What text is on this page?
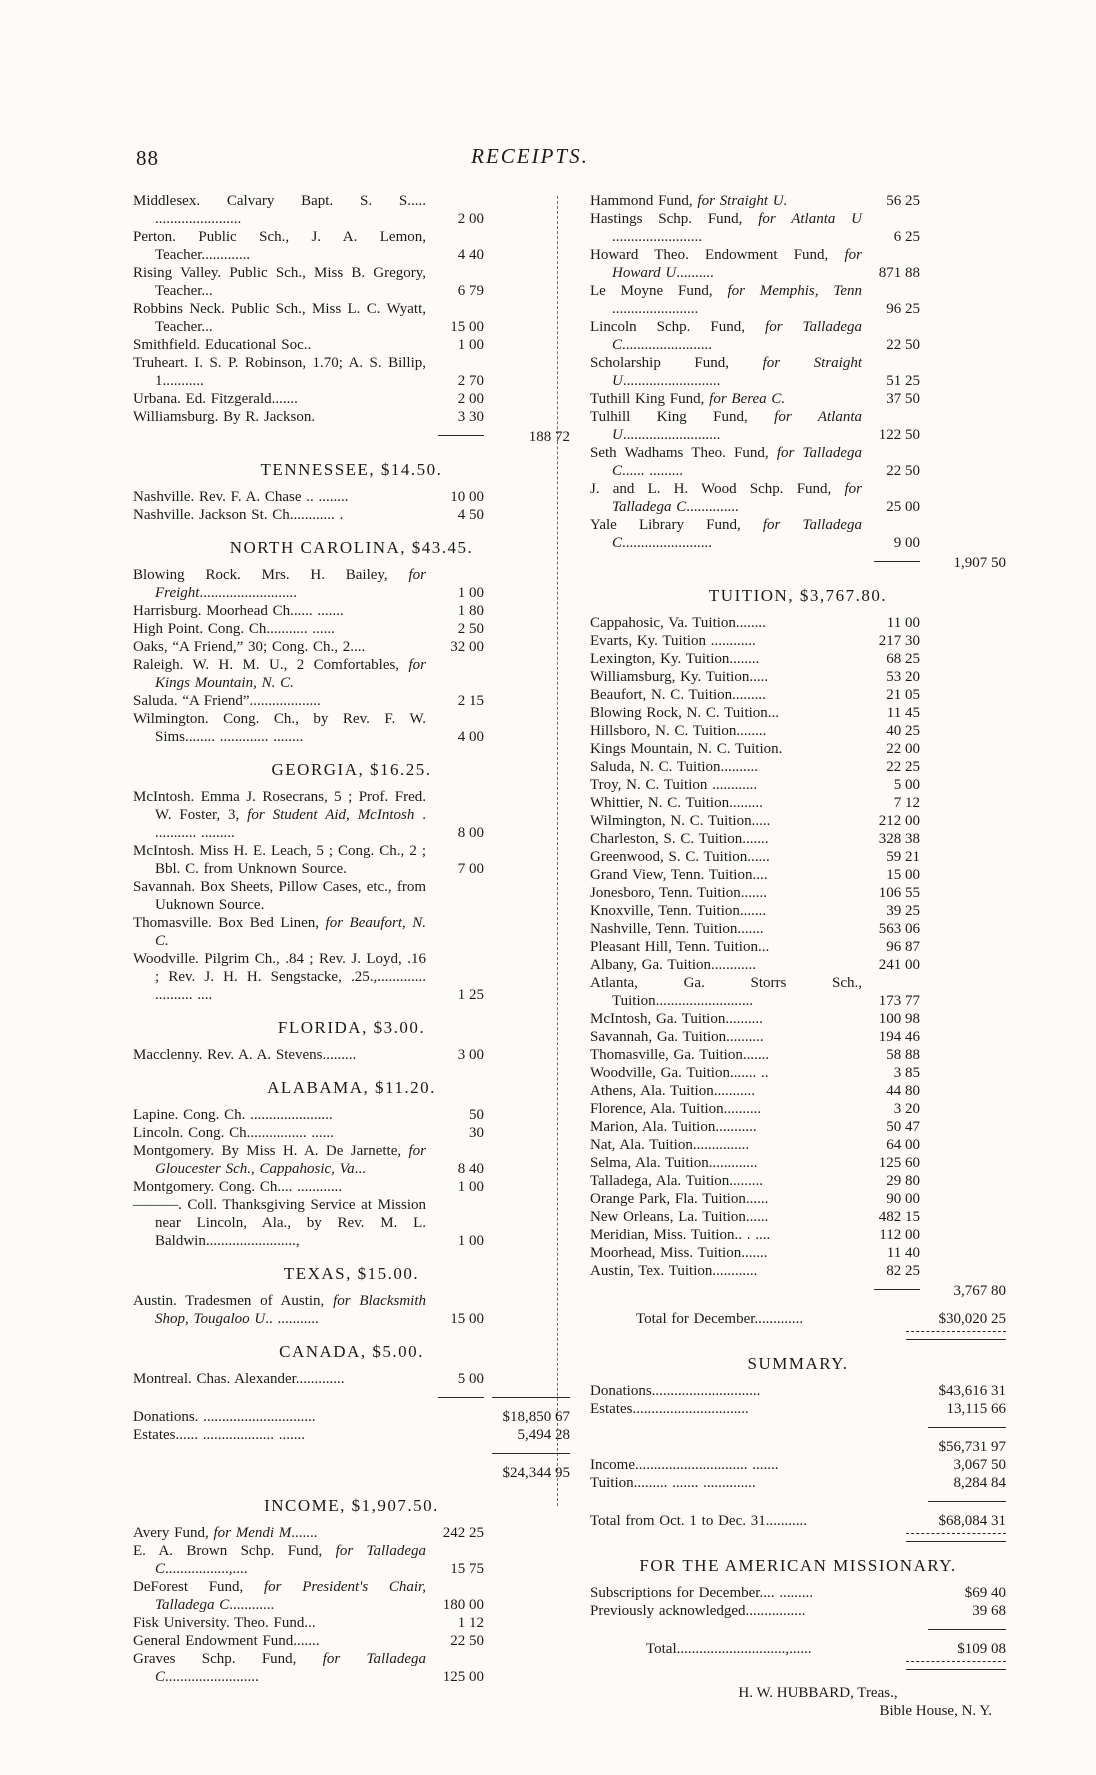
88	RECEIPTS.
Middlesex. Calvary Bapt. S. S..... .......................	2 00
Perton. Public Sch., J. A. Lemon, Teacher.............	4 40
Rising Valley. Public Sch., Miss B. Gregory, Teacher...	6 79
Robbins Neck. Public Sch., Miss L. C. Wyatt, Teacher...	15 00
Smithfield. Educational Soc..	1 00
Truheart. I. S. P. Robinson, 1.70; A. S. Billip, 1...........	2 70
Urbana. Ed. Fitzgerald.......	2 00
Williamsburg. By R. Jackson.	3 30
188 72
TENNESSEE, $14.50.
Nashville. Rev. F. A. Chase .. ........	10 00
Nashville. Jackson St. Ch............ .	4 50
NORTH CAROLINA, $43.45.
Blowing Rock. Mrs. H. Bailey, for Freight..........................	1 00
Harrisburg. Moorhead Ch...... .......	1 80
High Point. Cong. Ch........... ......	2 50
Oaks, “A Friend,” 30; Cong. Ch., 2....	32 00
Raleigh. W. H. M. U., 2 Comfortables, for Kings Mountain, N. C.
Saluda. “A Friend”...................	2 15
Wilmington. Cong. Ch., by Rev. F. W. Sims........ ............. ........	4 00
GEORGIA, $16.25.
McIntosh. Emma J. Rosecrans, 5 ; Prof. Fred. W. Foster, 3, for Student Aid, McIntosh . ........... .........	8 00
McIntosh. Miss H. E. Leach, 5 ; Cong. Ch., 2 ; Bbl. C. from Unknown Source.	7 00
Savannah. Box Sheets, Pillow Cases, etc., from Uuknown Source.
Thomasville. Box Bed Linen, for Beaufort, N. C.
Woodville. Pilgrim Ch., .84 ; Rev. J. Loyd, .16 ; Rev. J. H. H. Sengstacke, .25.,............. .......... ....	1 25
FLORIDA, $3.00.
Macclenny. Rev. A. A. Stevens.........	3 00
ALABAMA, $11.20.
Lapine. Cong. Ch. ......................	50
Lincoln. Cong. Ch................ ......	30
Montgomery. By Miss H. A. De Jarnette, for Gloucester Sch., Cappahosic, Va...	8 40
Montgomery. Cong. Ch.... ............	1 00
———. Coll. Thanksgiving Service at Mission near Lincoln, Ala., by Rev. M. L. Baldwin........................,	1 00
TEXAS, $15.00.
Austin. Tradesmen of Austin, for Blacksmith Shop, Tougaloo U.. ...........	15 00
CANADA, $5.00.
Montreal. Chas. Alexander.............	5 00
Donations. ..............................	$18,850 67
Estates...... ................... .......	5,494 28
$24,344 95
INCOME, $1,907.50.
Avery Fund, for Mendi M.......	242 25
E. A. Brown Schp. Fund, for Talladega C.................,....	15 75
DeForest Fund, for President's Chair, Talladega C............	180 00
Fisk University. Theo. Fund...	1 12
General Endowment Fund.......	22 50
Graves Schp. Fund, for Talladega C.........................	125 00
Hammond Fund, for Straight U.	56 25
Hastings Schp. Fund, for Atlanta U ........................	6 25
Howard Theo. Endowment Fund, for Howard U..........	871 88
Le Moyne Fund, for Memphis, Tenn .......................	96 25
Lincoln Schp. Fund, for Talladega C........................	22 50
Scholarship Fund, for Straight U..........................	51 25
Tuthill King Fund, for Berea C.	37 50
Tulhill King Fund, for Atlanta U..........................	122 50
Seth Wadhams Theo. Fund, for Talladega C...... .........	22 50
J. and L. H. Wood Schp. Fund, for Talladega C..............	25 00
Yale Library Fund, for Talladega C........................	9 00
1,907 50
TUITION, $3,767.80.
Cappahosic, Va. Tuition........	11 00
Evarts, Ky. Tuition ............	217 30
Lexington, Ky. Tuition........	68 25
Williamsburg, Ky. Tuition.....	53 20
Beaufort, N. C. Tuition.........	21 05
Blowing Rock, N. C. Tuition...	11 45
Hillsboro, N. C. Tuition........	40 25
Kings Mountain, N. C. Tuition.	22 00
Saluda, N. C. Tuition..........	22 25
Troy, N. C. Tuition ............	5 00
Whittier, N. C. Tuition.........	7 12
Wilmington, N. C. Tuition.....	212 00
Charleston, S. C. Tuition.......	328 38
Greenwood, S. C. Tuition......	59 21
Grand View, Tenn. Tuition....	15 00
Jonesboro, Tenn. Tuition.......	106 55
Knoxville, Tenn. Tuition.......	39 25
Nashville, Tenn. Tuition.......	563 06
Pleasant Hill, Tenn. Tuition...	96 87
Albany, Ga. Tuition............	241 00
Atlanta, Ga. Storrs Sch., Tuition..........................	173 77
McIntosh, Ga. Tuition..........	100 98
Savannah, Ga. Tuition..........	194 46
Thomasville, Ga. Tuition.......	58 88
Woodville, Ga. Tuition....... ..	3 85
Athens, Ala. Tuition...........	44 80
Florence, Ala. Tuition..........	3 20
Marion, Ala. Tuition...........	50 47
Nat, Ala. Tuition...............	64 00
Selma, Ala. Tuition.............	125 60
Talladega, Ala. Tuition.........	29 80
Orange Park, Fla. Tuition......	90 00
New Orleans, La. Tuition......	482 15
Meridian, Miss. Tuition.. . ....	112 00
Moorhead, Miss. Tuition.......	11 40
Austin, Tex. Tuition............	82 25
3,767 80
Total for December.............	$30,020 25
SUMMARY.
Donations.............................	$43,616 31
Estates...............................	13,115 66
$56,731 97
Income.............................. .......	3,067 50
Tuition......... ....... ..............	8,284 84
Total from Oct. 1 to Dec. 31...........	$68,084 31
FOR THE AMERICAN MISSIONARY.
Subscriptions for December.... .........	$69 40
Previously acknowledged................	39 68
Total.............................,......	$109 08
H. W. HUBBARD, Treas.,
Bible House, N. Y.
